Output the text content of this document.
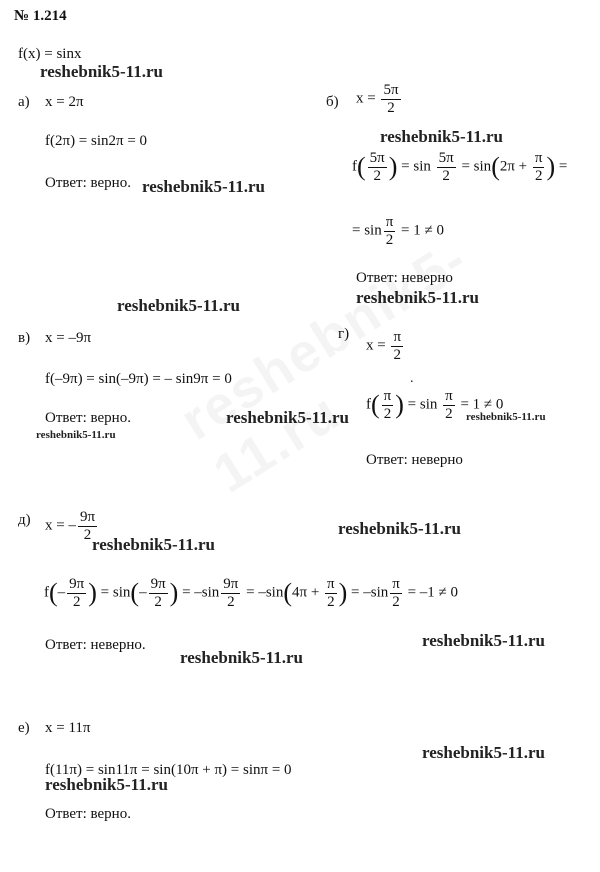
№ 1.214
f(x) = sinx
reshebnik5-11.ru
а) x = 2π
f(2π) = sin2π = 0
Ответ: верно. reshebnik5-11.ru
б) $x = \frac{5\pi}{2}$
reshebnik5-11.ru
$f( \frac{5\pi}{2}$ ) = $\sin \frac{5\pi}{2} = \sin(2\pi + \frac{\pi}{2}$ ) =
= $\sin \frac{\pi}{2} = 1 \ne 0$
Ответ: неверно
reshebnik5-11.ru
reshebnik5-11.ru
в) x = –9π
f(–9π) = sin(–9π) = – sin9π = 0
Ответ: верно.
reshebnik5-11.ru
reshebnik5-11.ru
г)
$x = \frac{\pi}{2}$
.
$f( \frac{\pi}{2}$ ) = $\sin \frac{\pi}{2} = 1 \ne 0$
reshebnik5-11.ru
Ответ: неверно
д) x = – $\frac{9\pi}{2}$
reshebnik5-11.ru
reshebnik5-11.ru
$f(- \frac{9\pi}{2}$ ) = $\sin(- \frac{9\pi}{2}$ ) = $-\sin \frac{9\pi}{2} = -\sin(4\pi + \frac{\pi}{2}$ ) = $-\sin \frac{\pi}{2} = -1 \ne 0$
Ответ: неверно.	reshebnik5-11.ru
reshebnik5-11.ru
е) x = 11π
reshebnik5-11.ru
f(11π) = sin11π = sin(10π + π) = sinπ = 0
reshebnik5-11.ru
Ответ: верно.
